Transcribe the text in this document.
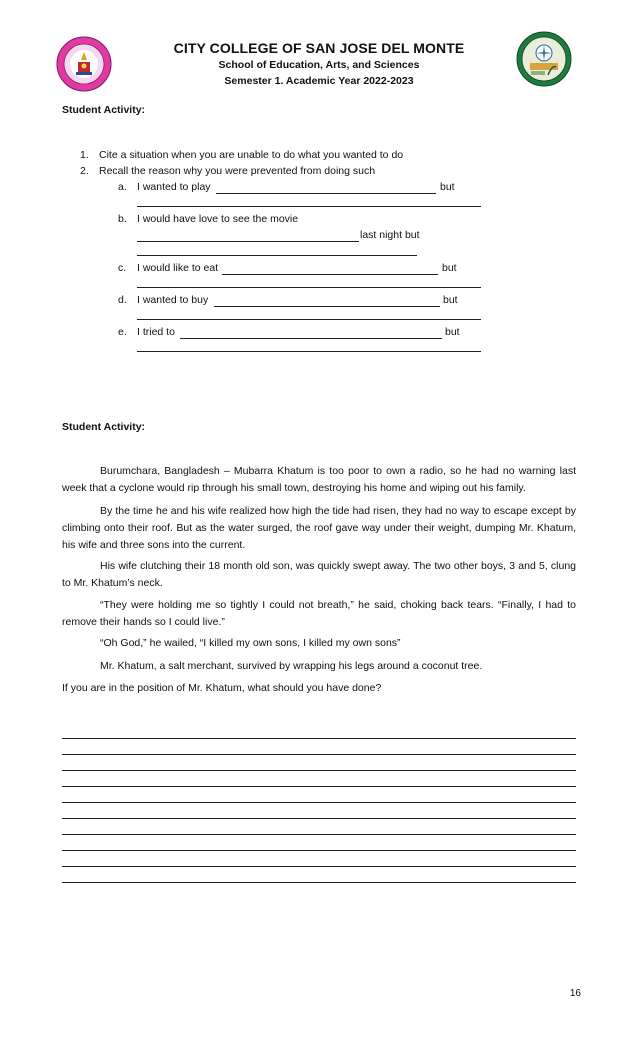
CITY COLLEGE OF SAN JOSE DEL MONTE
School of Education, Arts, and Sciences
Semester 1. Academic Year 2022-2023
Student Activity:
1. Cite a situation when you are unable to do what you wanted to do
2. Recall the reason why you were prevented from doing such
a. I wanted to play	but
b. I would have love to see the movie
last night but
c. I would like to eat	but
d. I wanted to buy	but
e. I tried to	but
Student Activity:
Burumchara, Bangladesh – Mubarra Khatum is too poor to own a radio, so he had no warning last week that a cyclone would rip through his small town, destroying his home and wiping out his family.
By the time he and his wife realized how high the tide had risen, they had no way to escape except by climbing onto their roof. But as the water surged, the roof gave way under their weight, dumping Mr. Khatum, his wife and three sons into the current.
His wife clutching their 18 month old son, was quickly swept away. The two other boys, 3 and 5, clung to Mr. Khatum’s neck.
“They were holding me so tightly I could not breath,” he said, choking back tears. “Finally, I had to remove their hands so I could live.”
“Oh God,” he wailed, “I killed my own sons, I killed my own sons”
Mr. Khatum, a salt merchant, survived by wrapping his legs around a coconut tree.
If you are in the position of Mr. Khatum, what should you have done?
16
